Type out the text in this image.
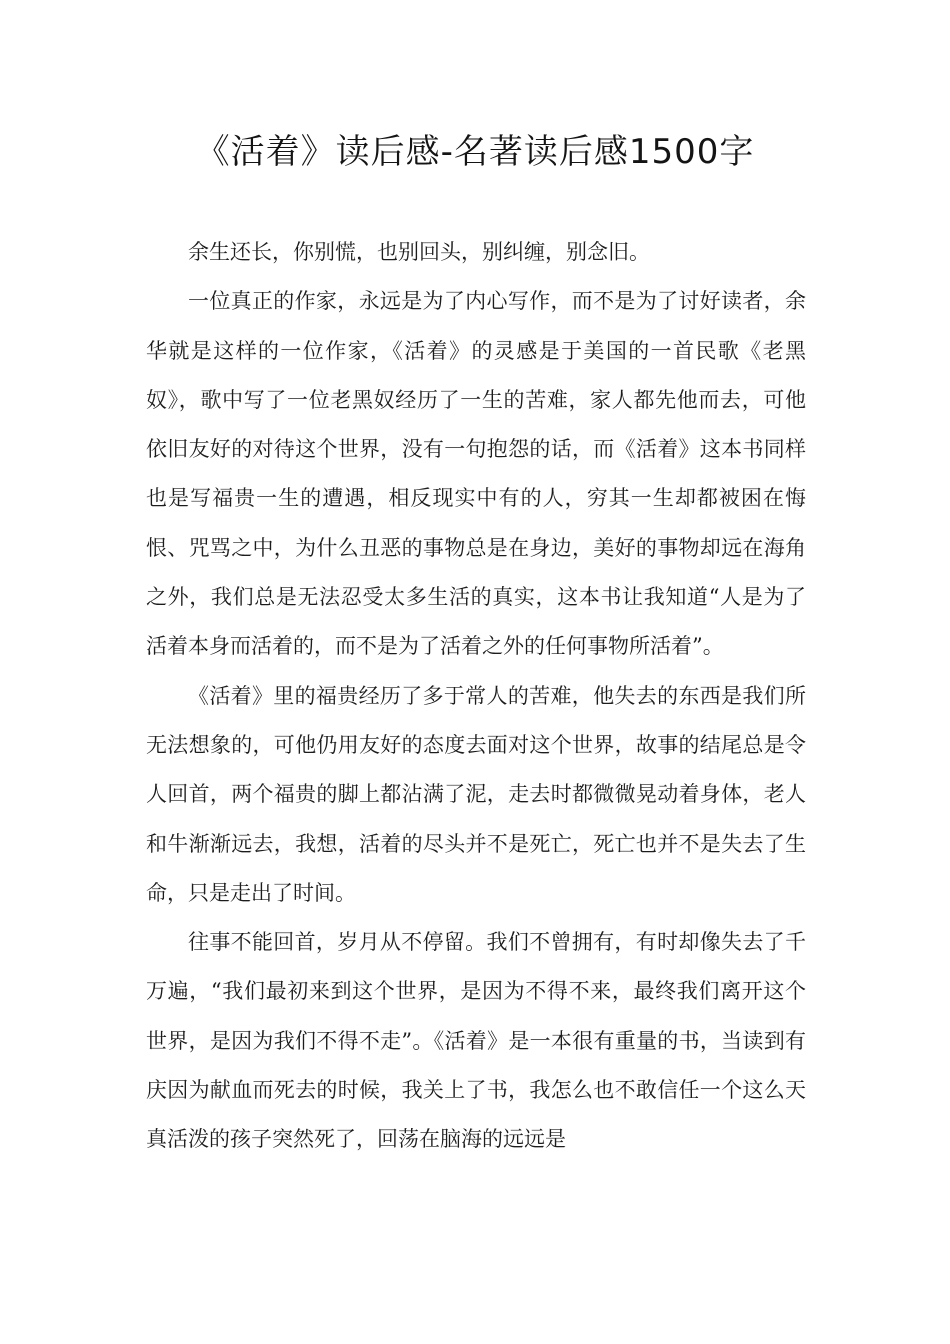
《活着》读后感-名著读后感1500字

余生还长，你别慌，也别回头，别纠缠，别念旧。

一位真正的作家，永远是为了内心写作，而不是为了讨好读者，余华就是这样的一位作家，《活着》的灵感是于美国的一首民歌《老黑奴》，歌中写了一位老黑奴经历了一生的苦难，家人都先他而去，可他依旧友好的对待这个世界，没有一句抱怨的话，而《活着》这本书同样也是写福贵一生的遭遇，相反现实中有的人，穷其一生却都被困在悔恨、咒骂之中，为什么丑恶的事物总是在身边，美好的事物却远在海角之外，我们总是无法忍受太多生活的真实，这本书让我知道“人是为了活着本身而活着的，而不是为了活着之外的任何事物所活着”。

《活着》里的福贵经历了多于常人的苦难，他失去的东西是我们所无法想象的，可他仍用友好的态度去面对这个世界，故事的结尾总是令人回首，两个福贵的脚上都沾满了泥，走去时都微微晃动着身体，老人和牛渐渐远去，我想，活着的尽头并不是死亡，死亡也并不是失去了生命，只是走出了时间。

往事不能回首，岁月从不停留。我们不曾拥有，有时却像失去了千万遍，“我们最初来到这个世界，是因为不得不来，最终我们离开这个世界，是因为我们不得不走”。《活着》是一本很有重量的书，当读到有庆因为献血而死去的时候，我关上了书，我怎么也不敢信任一个这么天真活泼的孩子突然死了，回荡在脑海的远远是
